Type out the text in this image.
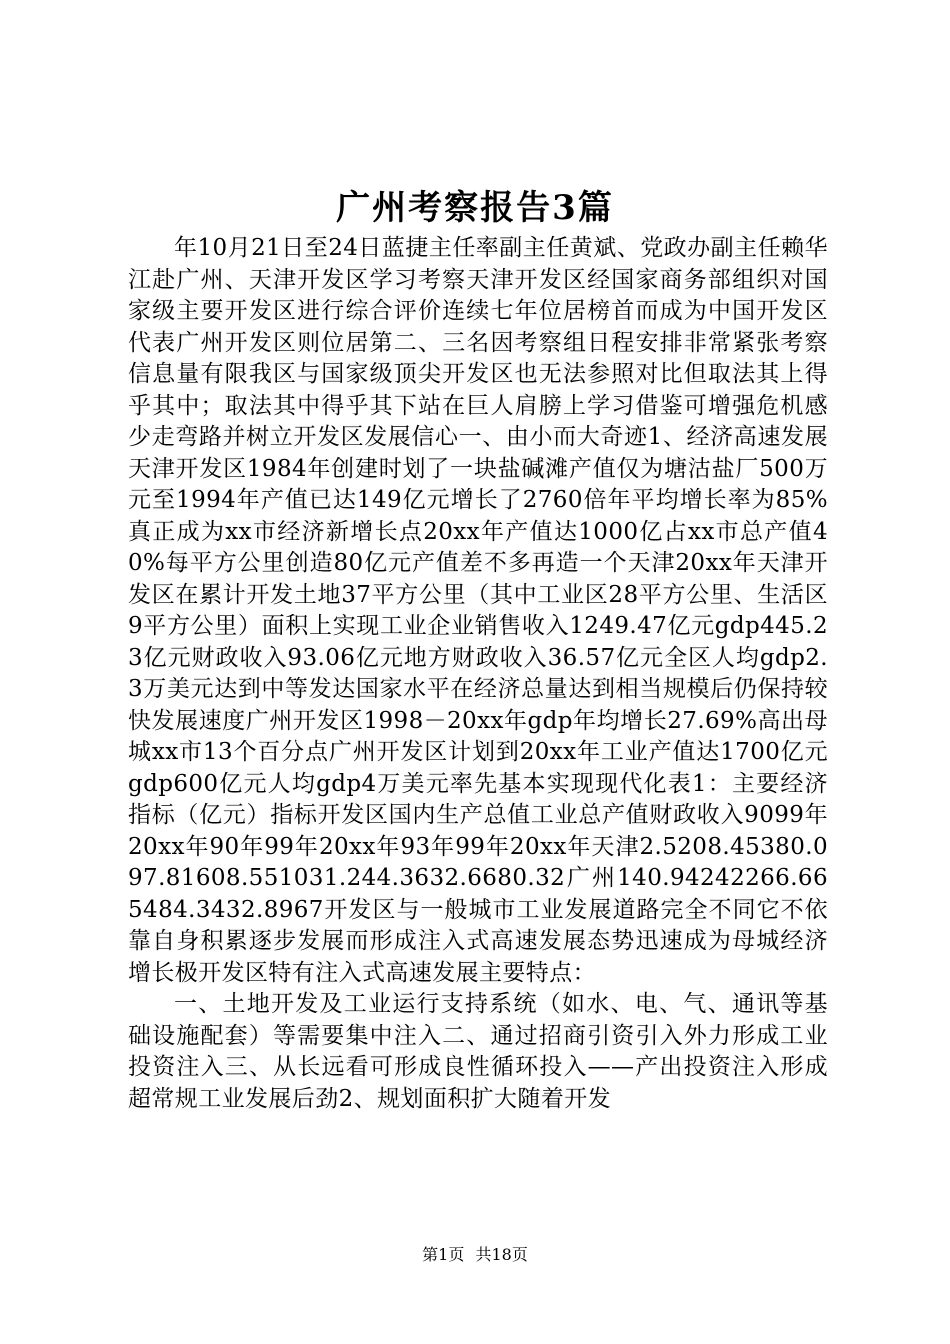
广州考察报告3篇

年10月21日至24日蓝捷主任率副主任黄斌、党政办副主任赖华江赴广州、天津开发区学习考察天津开发区经国家商务部组织对国家级主要开发区进行综合评价连续七年位居榜首而成为中国开发区代表广州开发区则位居第二、三名因考察组日程安排非常紧张考察信息量有限我区与国家级顶尖开发区也无法参照对比但取法其上得乎其中；取法其中得乎其下站在巨人肩膀上学习借鉴可增强危机感少走弯路并树立开发区发展信心一、由小而大奇迹1、经济高速发展天津开发区1984年创建时划了一块盐碱滩产值仅为塘沽盐厂500万元至1994年产值已达149亿元增长了2760倍年平均增长率为85%真正成为xx市经济新增长点20xx年产值达1000亿占xx市总产值40%每平方公里创造80亿元产值差不多再造一个天津20xx年天津开发区在累计开发土地37平方公里（其中工业区28平方公里、生活区9平方公里）面积上实现工业企业销售收入1249.47亿元gdp445.23亿元财政收入93.06亿元地方财政收入36.57亿元全区人均gdp2.3万美元达到中等发达国家水平在经济总量达到相当规模后仍保持较快发展速度广州开发区1998－20xx年gdp年均增长27.69%高出母城xx市13个百分点广州开发区计划到20xx年工业产值达1700亿元gdp600亿元人均gdp4万美元率先基本实现现代化表1：主要经济指标（亿元）指标开发区国内生产总值工业总产值财政收入9099年20xx年90年99年20xx年93年99年20xx年天津2.5208.45380.097.81608.551031.244.3632.6680.32广州140.94242266.665484.3432.8967开发区与一般城市工业发展道路完全不同它不依靠自身积累逐步发展而形成注入式高速发展态势迅速成为母城经济增长极开发区特有注入式高速发展主要特点：

一、土地开发及工业运行支持系统（如水、电、气、通讯等基础设施配套）等需要集中注入二、通过招商引资引入外力形成工业投资注入三、从长远看可形成良性循环投入——产出投资注入形成超常规工业发展后劲2、规划面积扩大随着开发

第1页 共18页
